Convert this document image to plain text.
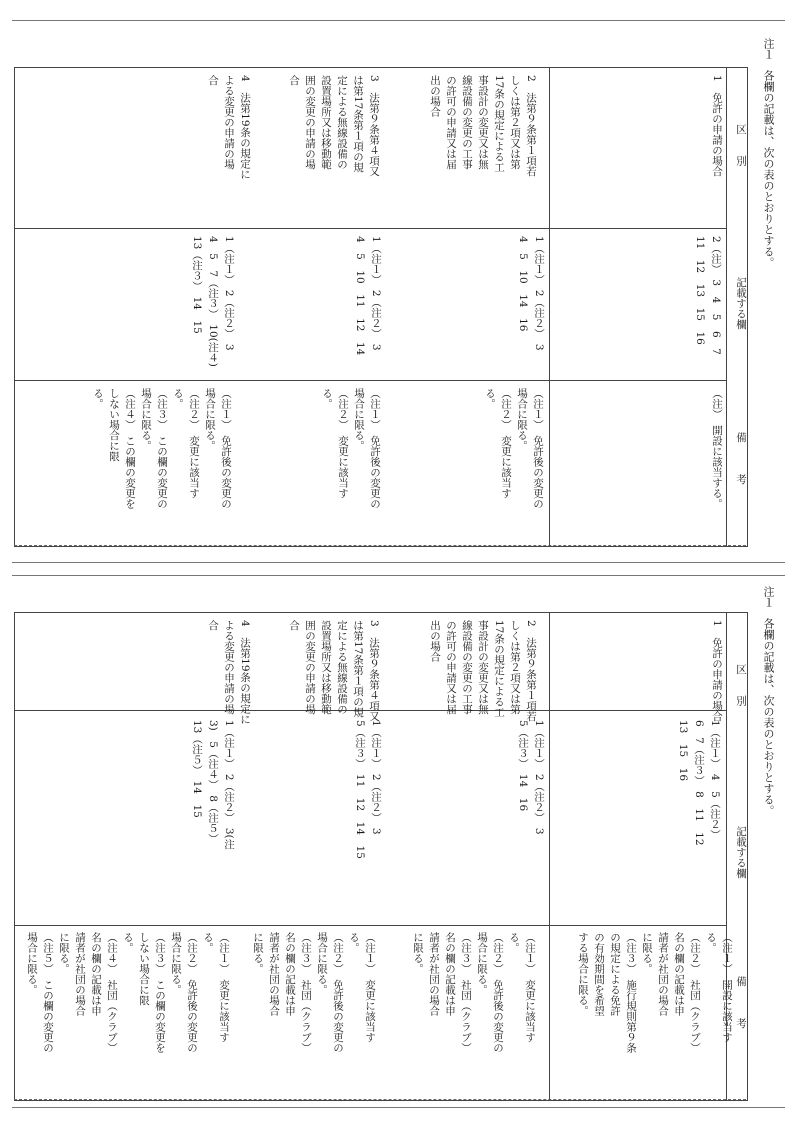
注１
各欄の記載は、次の表のとおりとする。
区　　別
記載する欄
備　　　考
1　免許の申請の場合
2（注）　3　4　5　6　7
11　12　13　15　16
（注）　開設に該当する。
2　法第９条第１項若
しくは第２項又は第
17条の規定による工
事設計の変更又は無
線設備の変更の工事
の許可の申請又は届
出の場合
1（注１）　2（注２）　3
4　5　10　14　16
（注１）　免許後の変更の
場合に限る。
（注２）　変更に該当す
る。
3　法第９条第４項又
は第17条第１項の規
定による無線設備の
設置場所又は移動範
囲の変更の申請の場
合
1（注１）　2（注２）　3
4　5　10　11　12　14
（注１）　免許後の変更の
場合に限る。
（注２）　変更に該当す
る。
4　法第19条の規定に
よる変更の申請の場
合
1（注１）　2（注２）　3
4　5　7（注３）　10(注４)
13（注３）　14　15
（注１）　免許後の変更の
場合に限る。
（注２）　変更に該当す
る。
（注３）　この欄の変更の
場合に限る。
（注４）　この欄の変更を
しない場合に限
る。
注１
各欄の記載は、次の表のとおりとする。
区　　別
記載する欄
備　　　考
1　免許の申請の場合
1（注１）　4　5（注２）
6　7（注３）　8　11　12
13　15　16
（注１）　開設に該当す
る。
（注２）　社団（クラブ）
名の欄の記載は申
請者が社団の場合
に限る。
（注３）　施行規則第９条
の規定による免許
の有効期間を希望
する場合に限る。
2　法第９条第１項若
しくは第２項又は第
17条の規定による工
事設計の変更又は無
線設備の変更の工事
の許可の申請又は届
出の場合
1（注１）　2（注２）　3
5（注３）　14　16
（注１）　変更に該当す
る。
（注２）　免許後の変更の
場合に限る。
（注３）　社団（クラブ）
名の欄の記載は申
請者が社団の場合
に限る。
3　法第９条第４項又
は第17条第１項の規
定による無線設備の
設置場所又は移動範
囲の変更の申請の場
合
1（注１）　2（注２）　3
5（注３）　11　12　14　15
（注１）　変更に該当す
る。
（注２）　免許後の変更の
場合に限る。
（注３）　社団（クラブ）
名の欄の記載は申
請者が社団の場合
に限る。
4　法第19条の規定に
よる変更の申請の場
合
1（注１）　2（注２）　3(注
3)　5（注４）　8（注５）
13（注５）　14　15
（注１）　変更に該当す
る。
（注２）　免許後の変更の
場合に限る。
（注３）　この欄の変更を
しない場合に限
る。
（注４）　社団（クラブ）
名の欄の記載は申
請者が社団の場合
に限る。
（注５）　この欄の変更の
場合に限る。
